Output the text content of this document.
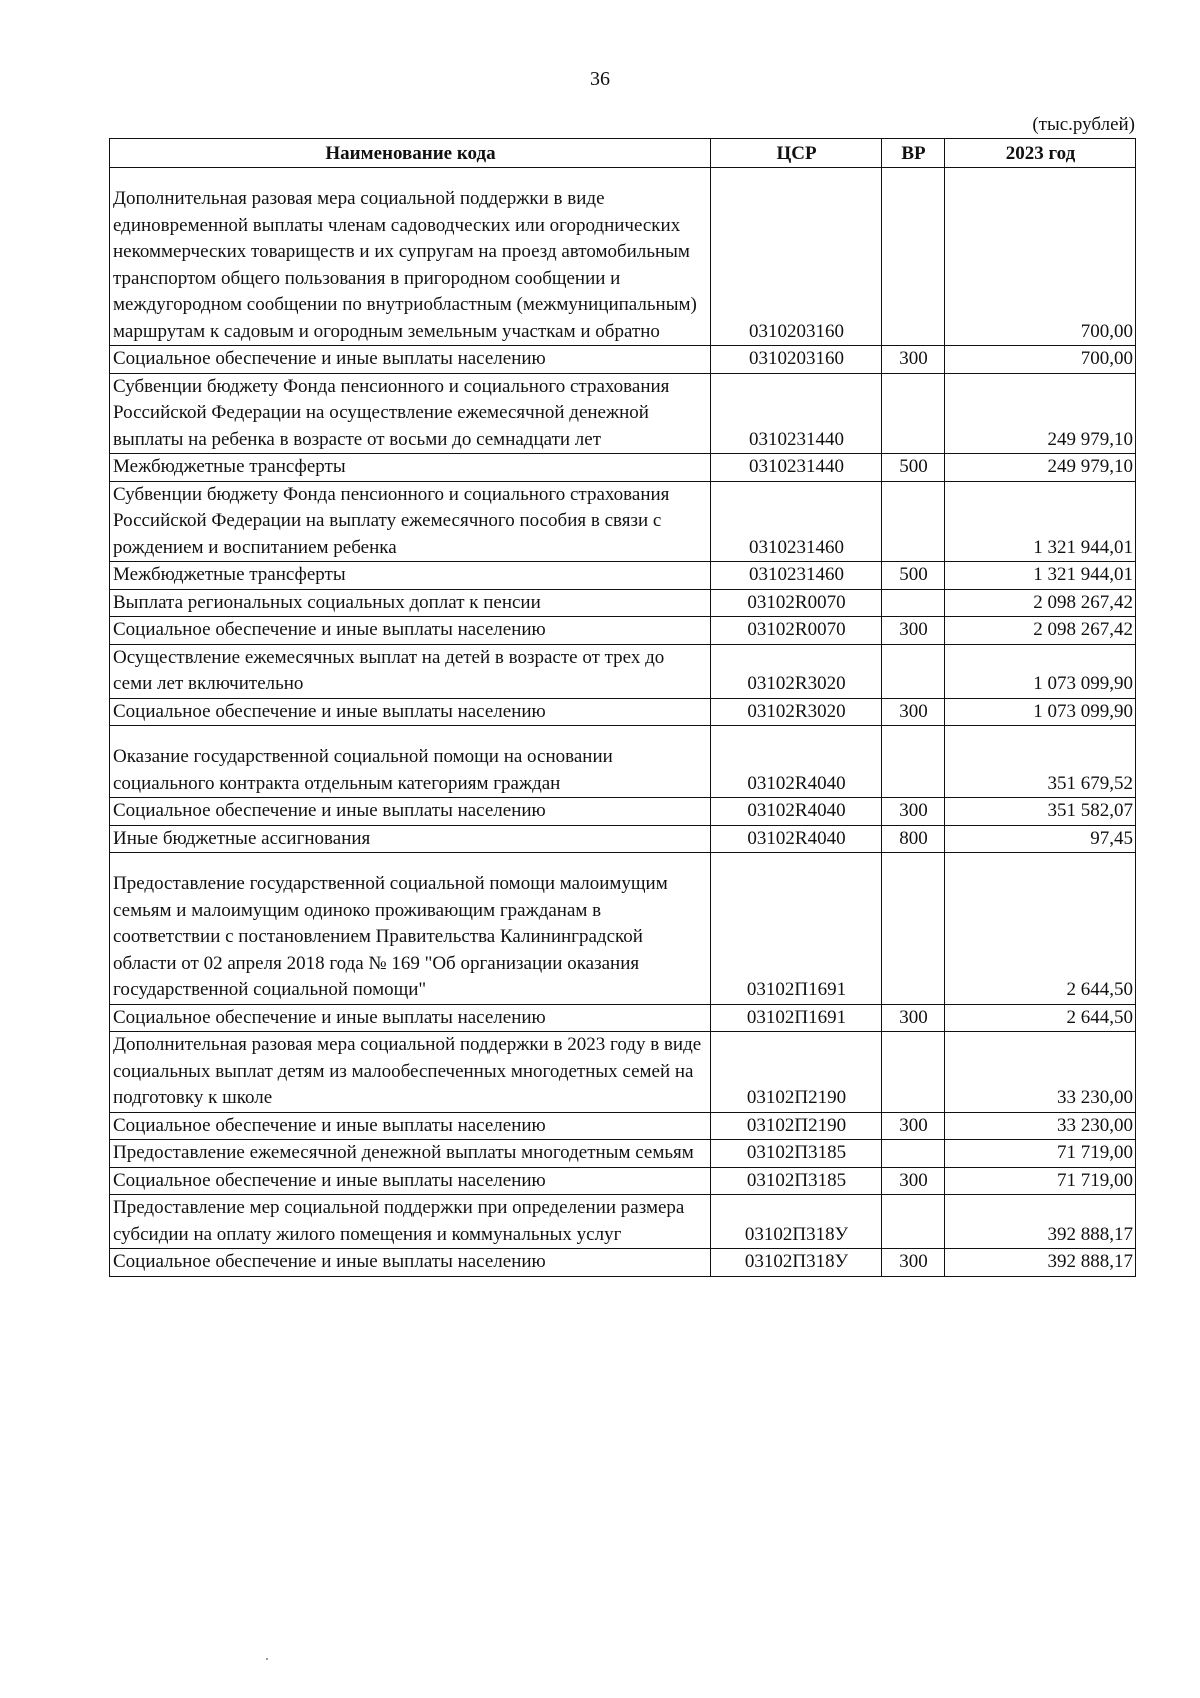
36
(тыс.рублей)
Наименование кода	ЦСР	ВР	2023 год
Дополнительная разовая мера социальной поддержки в виде единовременной выплаты членам садоводческих или огороднических некоммерческих товариществ и их супругам на проезд автомобильным транспортом общего пользования в пригородном сообщении и междугородном сообщении по внутриобластным (межмуниципальным) маршрутам к садовым и огородным земельным участкам и обратно	0310203160		700,00
Социальное обеспечение и иные выплаты населению	0310203160	300	700,00
Субвенции бюджету Фонда пенсионного и социального страхования Российской Федерации на осуществление ежемесячной денежной выплаты на ребенка в возрасте от восьми до семнадцати лет	0310231440		249 979,10
Межбюджетные трансферты	0310231440	500	249 979,10
Субвенции бюджету Фонда пенсионного и социального страхования Российской Федерации на выплату ежемесячного пособия в связи с рождением и воспитанием ребенка	0310231460		1 321 944,01
Межбюджетные трансферты	0310231460	500	1 321 944,01
Выплата региональных социальных доплат к пенсии	03102R0070		2 098 267,42
Социальное обеспечение и иные выплаты населению	03102R0070	300	2 098 267,42
Осуществление ежемесячных выплат на детей в возрасте от трех до семи лет включительно	03102R3020		1 073 099,90
Социальное обеспечение и иные выплаты населению	03102R3020	300	1 073 099,90
Оказание государственной социальной помощи на основании социального контракта отдельным категориям граждан	03102R4040		351 679,52
Социальное обеспечение и иные выплаты населению	03102R4040	300	351 582,07
Иные бюджетные ассигнования	03102R4040	800	97,45
Предоставление государственной социальной помощи малоимущим семьям и малоимущим одиноко проживающим гражданам в соответствии с постановлением Правительства Калининградской области от 02 апреля 2018 года № 169 "Об организации оказания государственной социальной помощи"	03102П1691		2 644,50
Социальное обеспечение и иные выплаты населению	03102П1691	300	2 644,50
Дополнительная разовая мера социальной поддержки в 2023 году в виде социальных выплат детям из малообеспеченных многодетных семей на подготовку к школе	03102П2190		33 230,00
Социальное обеспечение и иные выплаты населению	03102П2190	300	33 230,00
Предоставление ежемесячной денежной выплаты многодетным семьям	03102П3185		71 719,00
Социальное обеспечение и иные выплаты населению	03102П3185	300	71 719,00
Предоставление мер социальной поддержки при определении размера субсидии на оплату жилого помещения и коммунальных услуг	03102П318У		392 888,17
Социальное обеспечение и иные выплаты населению	03102П318У	300	392 888,17
